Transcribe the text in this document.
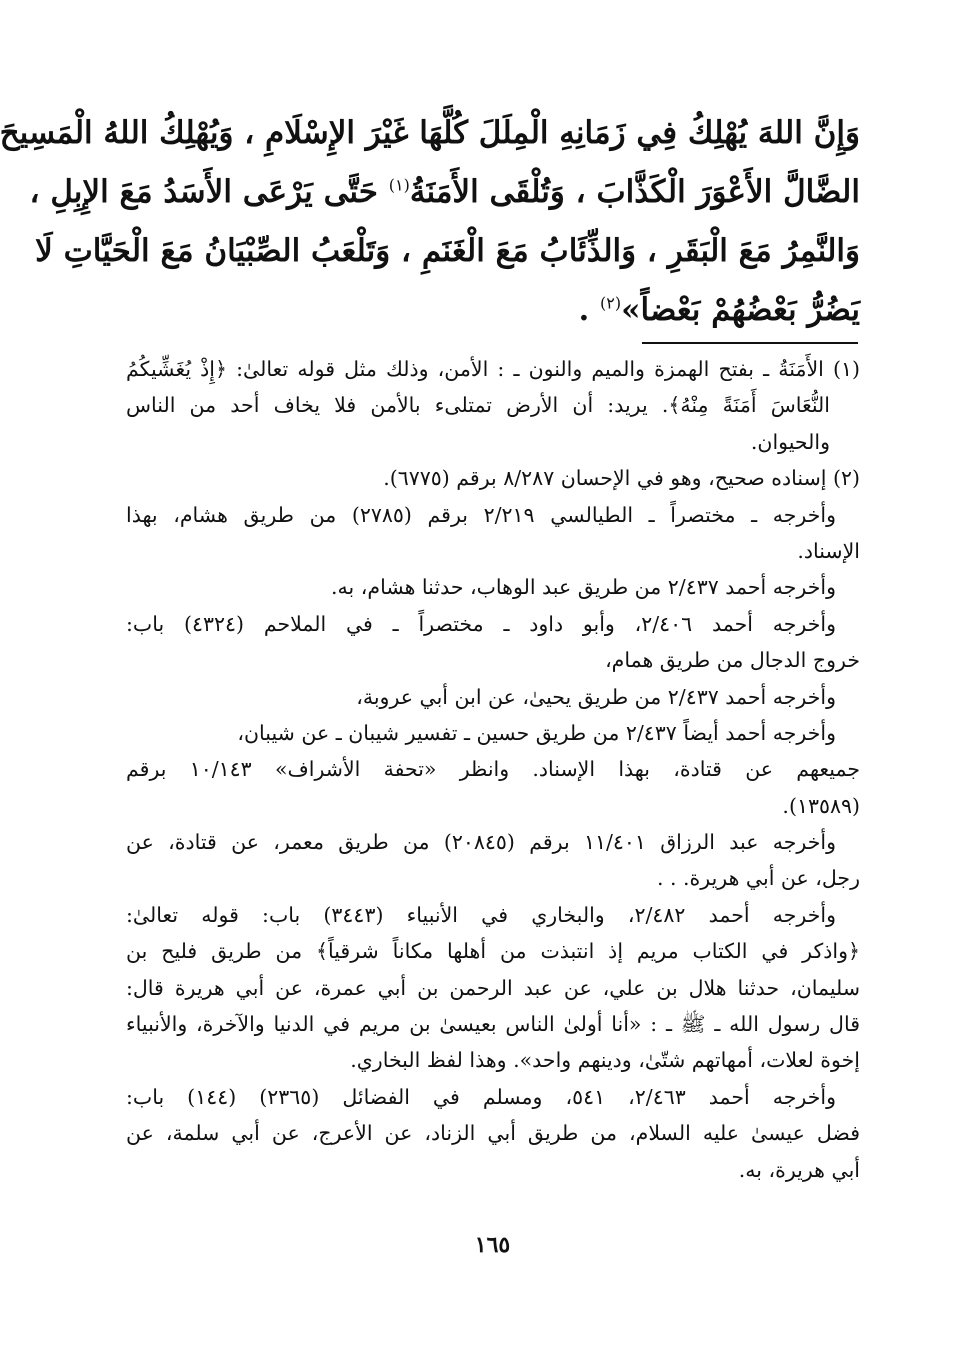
وَإِنَّ اللهَ يُهْلِكُ فِي زَمَانِهِ الْمِلَلَ كُلَّهَا غَيْرَ الإِسْلَامِ ، وَيُهْلِكُ اللهُ الْمَسِيحَ
الضَّالَّ الأَعْوَرَ الْكَذَّابَ ، وَتُلْقَى الأَمَنَةُ$^{(١)}$ حَتَّى يَرْعَى الأَسَدُ مَعَ الإِبِلِ ،
وَالنَّمِرُ مَعَ الْبَقَرِ ، وَالذِّئَابُ مَعَ الْغَنَمِ ، وَتَلْعَبُ الصِّبْيَانُ مَعَ الْحَيَّاتِ لَا
يَضُرُّ بَعْضُهُمْ بَعْضاً»$^{(٢)}$ .
(١) الأَمَنَةُ ـ بفتح الهمزة والميم والنون ـ : الأمن، وذلك مثل قوله تعالىٰ: ﴿إِذْ يُغَشِّيكُمُ
النُّعَاسَ أَمَنَةً مِنْهُ﴾. يريد: أن الأرض تمتلىء بالأمن فلا يخاف أحد من الناس
والحيوان.
(٢) إسناده صحيح، وهو في الإحسان ٨/٢٨٧ برقم (٦٧٧٥).
وأخرجه ـ مختصراً ـ الطيالسي ٢/٢١٩ برقم (٢٧٨٥) من طريق هشام، بهذا
الإسناد.
وأخرجه أحمد ٢/٤٣٧ من طريق عبد الوهاب، حدثنا هشام، به.
وأخرجه أحمد ٢/٤٠٦، وأبو داود ـ مختصراً ـ في الملاحم (٤٣٢٤) باب:
خروج الدجال من طريق همام،
وأخرجه أحمد ٢/٤٣٧ من طريق يحيىٰ، عن ابن أبي عروبة،
وأخرجه أحمد أيضاً ٢/٤٣٧ من طريق حسين ـ تفسير شيبان ـ عن شيبان،
جميعهم عن قتادة، بهذا الإسناد. وانظر «تحفة الأشراف» ١٠/١٤٣ برقم
(١٣٥٨٩).
وأخرجه عبد الرزاق ١١/٤٠١ برقم (٢٠٨٤٥) من طريق معمر، عن قتادة، عن
رجل، عن أبي هريرة. . .
وأخرجه أحمد ٢/٤٨٢، والبخاري في الأنبياء (٣٤٤٣) باب: قوله تعالىٰ:
﴿واذكر في الكتاب مريم إذ انتبذت من أهلها مكاناً شرقياً﴾ من طريق فليح بن
سليمان، حدثنا هلال بن علي، عن عبد الرحمن بن أبي عمرة، عن أبي هريرة قال:
قال رسول الله ـ ﷺ ـ : «أنا أولىٰ الناس بعيسىٰ بن مريم في الدنيا والآخرة، والأنبياء
إخوة لعلات، أمهاتهم شتّىٰ، ودينهم واحد». وهذا لفظ البخاري.
وأخرجه أحمد ٢/٤٦٣، ٥٤١، ومسلم في الفضائل (٢٣٦٥) (١٤٤) باب:
فضل عيسىٰ عليه السلام، من طريق أبي الزناد، عن الأعرج، عن أبي سلمة، عن
أبي هريرة، به.
١٦٥
